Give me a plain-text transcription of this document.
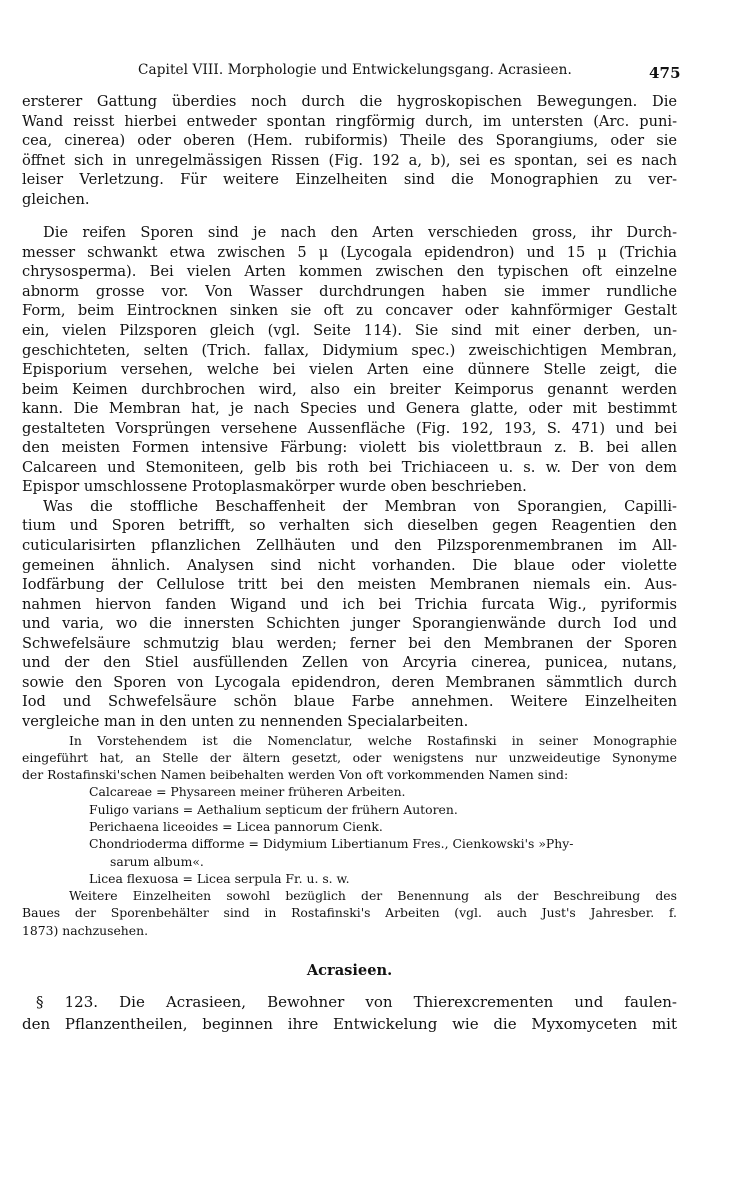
Capitel VIII. Morphologie und Entwickelungsgang. Acrasieen.	475
ersterer Gattung überdies noch durch die hygroskopischen Bewegungen. Die
Wand reisst hierbei entweder spontan ringförmig durch, im untersten (Arc. puni-
cea, cinerea) oder oberen (Hem. rubiformis) Theile des Sporangiums, oder sie
öffnet sich in unregelmässigen Rissen (Fig. 192 a, b), sei es spontan, sei es nach
leiser Verletzung. Für weitere Einzelheiten sind die Monographien zu ver-
gleichen.
Die reifen Sporen sind je nach den Arten verschieden gross, ihr Durch-
messer schwankt etwa zwischen 5 μ (Lycogala epidendron) und 15 μ (Trichia
chrysosperma). Bei vielen Arten kommen zwischen den typischen oft einzelne
abnorm grosse vor. Von Wasser durchdrungen haben sie immer rundliche
Form, beim Eintrocknen sinken sie oft zu concaver oder kahnförmiger Gestalt
ein, vielen Pilzsporen gleich (vgl. Seite 114). Sie sind mit einer derben, un-
geschichteten, selten (Trich. fallax, Didymium spec.) zweischichtigen Membran,
Episporium versehen, welche bei vielen Arten eine dünnere Stelle zeigt, die
beim Keimen durchbrochen wird, also ein breiter Keimporus genannt werden
kann. Die Membran hat, je nach Species und Genera glatte, oder mit bestimmt
gestalteten Vorsprüngen versehene Aussenfläche (Fig. 192, 193, S. 471) und bei
den meisten Formen intensive Färbung: violett bis violettbraun z. B. bei allen
Calcareen und Stemoniteen, gelb bis roth bei Trichiaceen u. s. w. Der von dem
Epispor umschlossene Protoplasmakörper wurde oben beschrieben.
Was die stoffliche Beschaffenheit der Membran von Sporangien, Capilli-
tium und Sporen betrifft, so verhalten sich dieselben gegen Reagentien den
cuticularisirten pflanzlichen Zellhäuten und den Pilzsporenmembranen im All-
gemeinen ähnlich. Analysen sind nicht vorhanden. Die blaue oder violette
Iodfärbung der Cellulose tritt bei den meisten Membranen niemals ein. Aus-
nahmen hiervon fanden Wigand und ich bei Trichia furcata Wig., pyriformis
und varia, wo die innersten Schichten junger Sporangienwände durch Iod und
Schwefelsäure schmutzig blau werden; ferner bei den Membranen der Sporen
und der den Stiel ausfüllenden Zellen von Arcyria cinerea, punicea, nutans,
sowie den Sporen von Lycogala epidendron, deren Membranen sämmtlich durch
Iod und Schwefelsäure schön blaue Farbe annehmen. Weitere Einzelheiten
vergleiche man in den unten zu nennenden Specialarbeiten.
In Vorstehendem ist die Nomenclatur, welche Rostafinski in seiner Monographie
eingeführt hat, an Stelle der ältern gesetzt, oder wenigstens nur unzweideutige Synonyme
der Rostafinski'schen Namen beibehalten werden Von oft vorkommenden Namen sind:
Calcareae = Physareen meiner früheren Arbeiten.
Fuligo varians = Aethalium septicum der frühern Autoren.
Perichaena liceoides = Licea pannorum Cienk.
Chondrioderma difforme = Didymium Libertianum Fres., Cienkowski's »Phy-
sarum album«.
Licea flexuosa = Licea serpula Fr. u. s. w.
Weitere Einzelheiten sowohl bezüglich der Benennung als der Beschreibung des
Baues der Sporenbehälter sind in Rostafinski's Arbeiten (vgl. auch Just's Jahresber. f.
1873) nachzusehen.
Acrasieen.
§ 123. Die Acrasieen, Bewohner von Thierexcrementen und faulen-
den Pflanzentheilen, beginnen ihre Entwickelung wie die Myxomyceten mit
